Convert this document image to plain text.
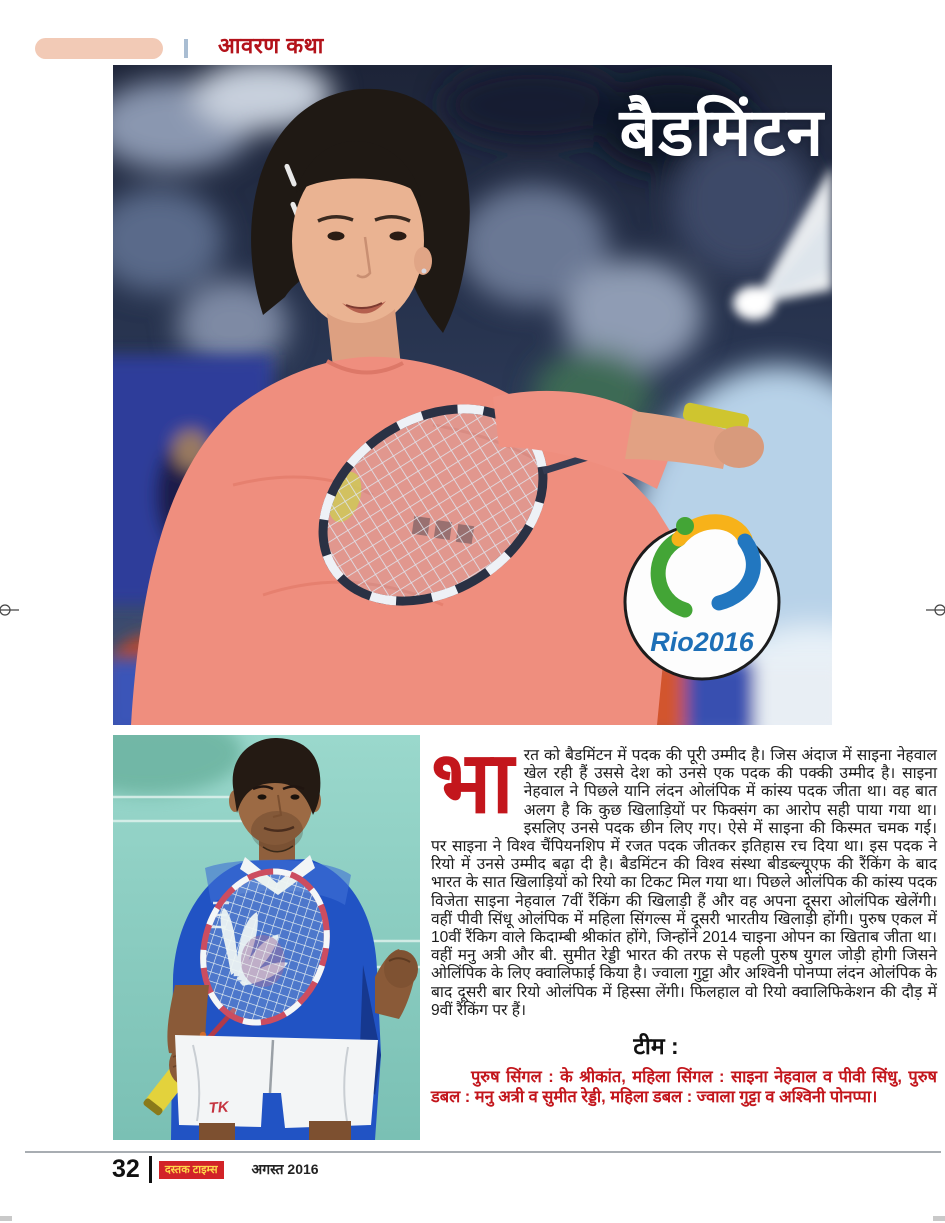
आवरण कथा
Rio2016
बैडमिंटन
TK
भारत को बैडमिंटन में पदक की पूरी उम्मीद है। जिस अंदाज में साइना नेहवाल खेल रही हैं उससे देश को उनसे एक पदक की पक्की उम्मीद है। साइना नेहवाल ने पिछले यानि लंदन ओलंपिक में कांस्य पदक जीता था। वह बात अलग है कि कुछ खिलाड़ियों पर फिक्संग का आरोप सही पाया गया था। इसलिए उनसे पदक छीन लिए गए। ऐसे में साइना की किस्मत चमक गई। पर साइना ने विश्व चैंपियनशिप में रजत पदक जीतकर इतिहास रच दिया था। इस पदक ने रियो में उनसे उम्मीद बढ़ा दी है। बैडमिंटन की विश्व संस्था बीडब्ल्यूएफ की रैंकिंग के बाद भारत के सात खिलाड़ियों को रियो का टिकट मिल गया था। पिछले ओलंपिक की कांस्य पदक विजेता साइना नेहवाल 7वीं रैंकिंग की खिलाड़ी हैं और वह अपना दूसरा ओलंपिक खेलेंगी। वहीं पीवी सिंधू ओलंपिक में महिला सिंगल्स में दूसरी भारतीय खिलाड़ी होंगी। पुरुष एकल में 10वीं रैंकिग वाले किदाम्बी श्रीकांत होंगे, जिन्होंने 2014 चाइना ओपन का खिताब जीता था। वहीं मनु अत्री और बी. सुमीत रेड्डी भारत की तरफ से पहली पुरुष युगल जोड़ी होगी जिसने ओलिंपिक के लिए क्वालिफाई किया है। ज्वाला गुट्टा और अश्विनी पोनप्पा लंदन ओलंपिक के बाद दूसरी बार रियो ओलंपिक में हिस्सा लेंगी। फिलहाल वो रियो क्वालिफिकेशन की दौड़ में 9वीं रैंकिंग पर हैं।
टीम :
पुरुष सिंगल : के श्रीकांत, महिला सिंगल : साइना नेहवाल व पीवी सिंधु, पुरुष डबल : मनु अत्री व सुमीत रेड्डी, महिला डबल : ज्वाला गुट्टा व अश्विनी पोनप्पा।
32	दस्तक टाइम्स	अगस्त 2016
